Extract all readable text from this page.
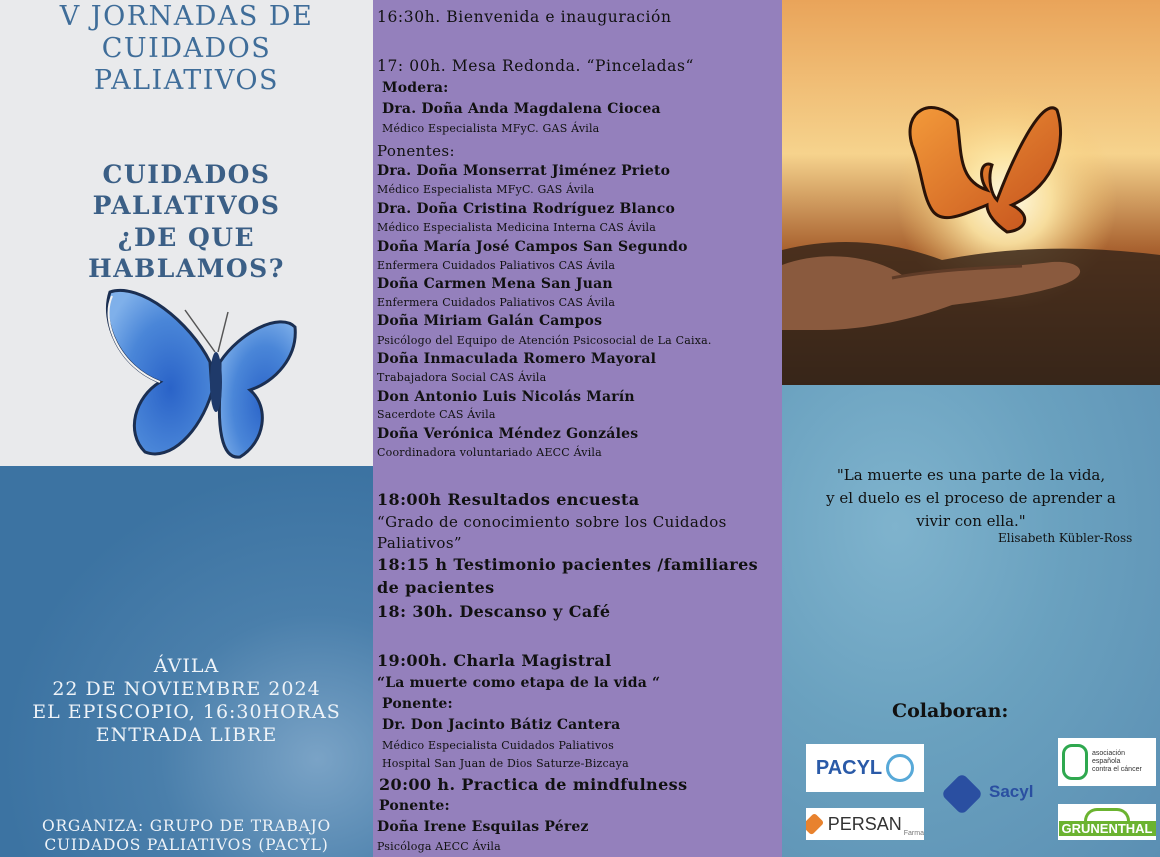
V JORNADAS DE

CUIDADOS

PALIATIVOS

CUIDADOS

PALIATIVOS

¿DE QUE

HABLAMOS?

ÁVILA
22 DE NOVIEMBRE 2024
EL EPISCOPIO, 16:30HORAS
ENTRADA LIBRE
ORGANIZA: GRUPO DE TRABAJO
CUIDADOS PALIATIVOS (PACYL)
16:30h. Bienvenida e inauguración
17: 00h. Mesa Redonda. “Pinceladas“
Modera:
Dra. Doña Anda Magdalena Ciocea
Médico Especialista MFyC. GAS Ávila
Ponentes:
Dra. Doña Monserrat Jiménez Prieto
Médico Especialista MFyC. GAS Ávila
Dra. Doña Cristina Rodríguez Blanco
Médico Especialista Medicina Interna CAS Ávila
Doña María José Campos San Segundo
Enfermera Cuidados Paliativos CAS Ávila
Doña Carmen Mena San Juan
Enfermera Cuidados Paliativos CAS Ávila
Doña Miriam Galán Campos
Psicólogo del Equipo de Atención Psicosocial de La Caixa.
Doña Inmaculada Romero Mayoral
Trabajadora Social CAS Ávila
Don Antonio Luis Nicolás Marín
Sacerdote CAS Ávila
Doña Verónica Méndez Gonzáles
Coordinadora voluntariado AECC Ávila
18:00h Resultados encuesta
“Grado de conocimiento sobre los Cuidados
Paliativos”
18:15 h Testimonio pacientes /familiares
de pacientes
18: 30h. Descanso y Café
19:00h. Charla Magistral
“La muerte como etapa de la vida “
Ponente:
Dr. Don Jacinto Bátiz Cantera
Médico Especialista Cuidados Paliativos
Hospital San Juan de Dios Saturze-Bizcaya
20:00 h. Practica de mindfulness
Ponente:
Doña Irene Esquilas Pérez
Psicóloga AECC Ávila
"La muerte es una parte de la vida,
y el duelo es el proceso de aprender a
vivir con ella."
Elisabeth Kübler-Ross
Colaboran:
PACYL
Sacyl
PERSAN Farma
asociación
española
contra el cáncer
GRUNENTHAL
